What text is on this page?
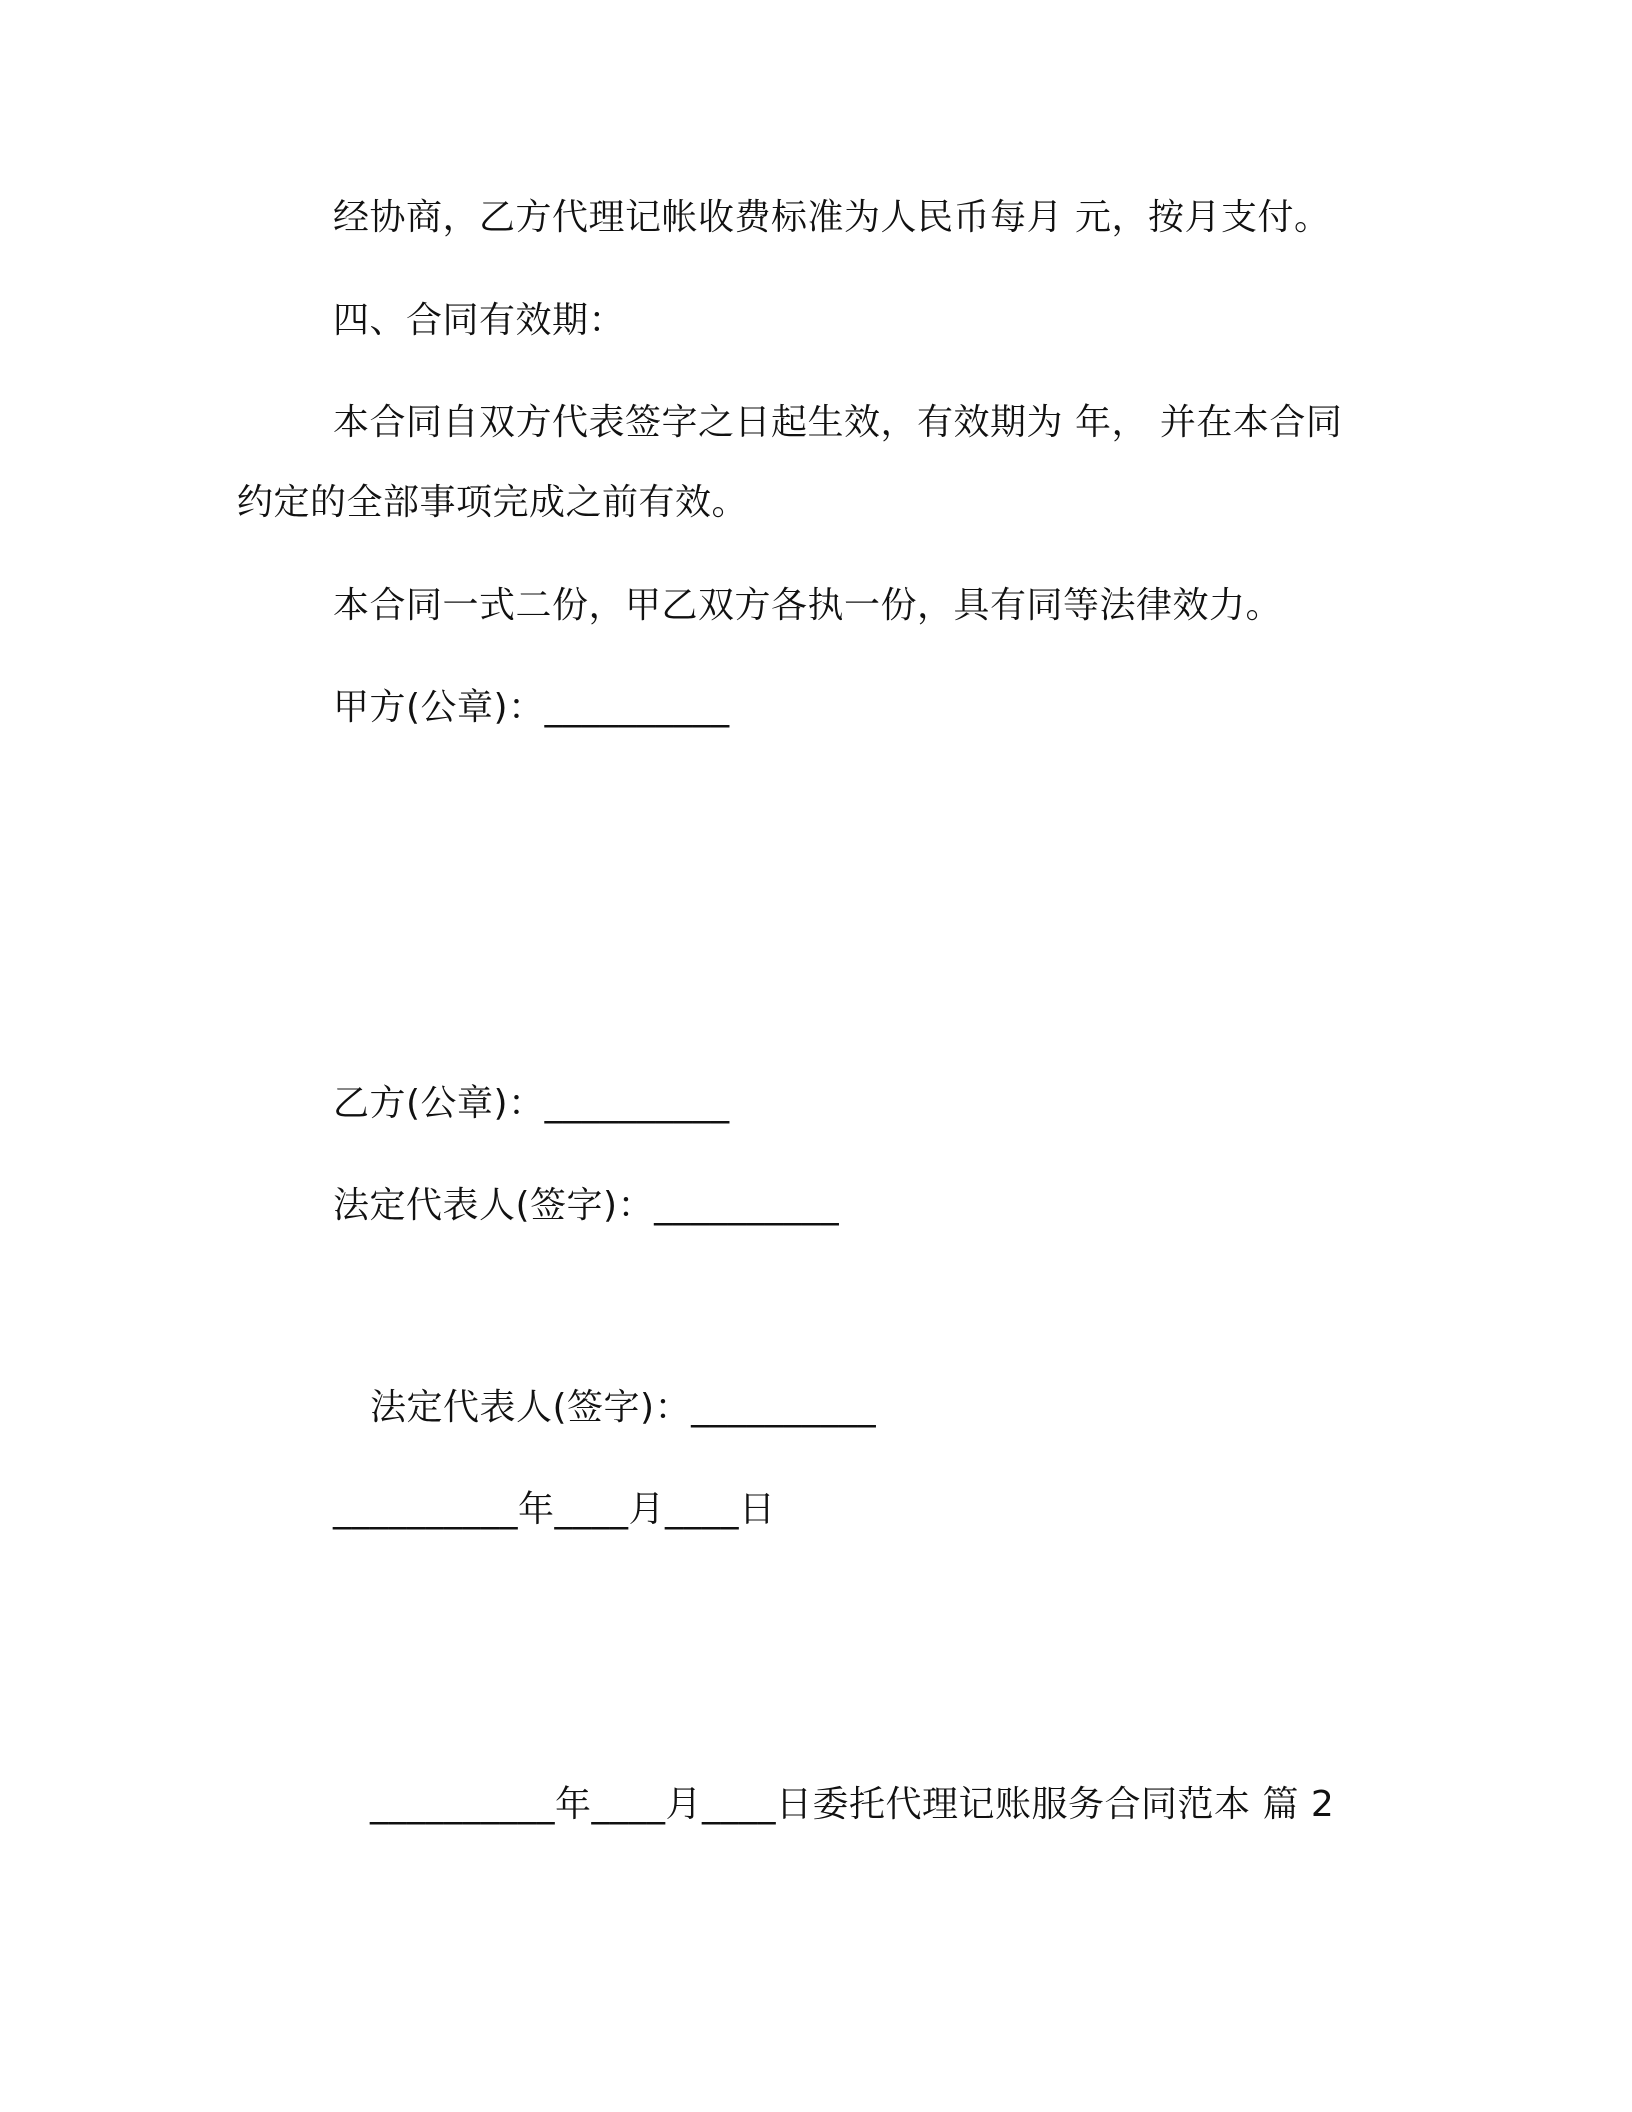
经协商，乙方代理记帐收费标准为人民币每月 元，按月支付。
四、合同有效期：
本合同自双方代表签字之日起生效，有效期为 年， 并在本合同
约定的全部事项完成之前有效。
本合同一式二份，甲乙双方各执一份，具有同等法律效力。
甲方(公章)：__________
乙方(公章)：__________
法定代表人(签字)：__________
法定代表人(签字)：__________
__________年____月____日
__________年____月____日委托代理记账服务合同范本 篇 2
